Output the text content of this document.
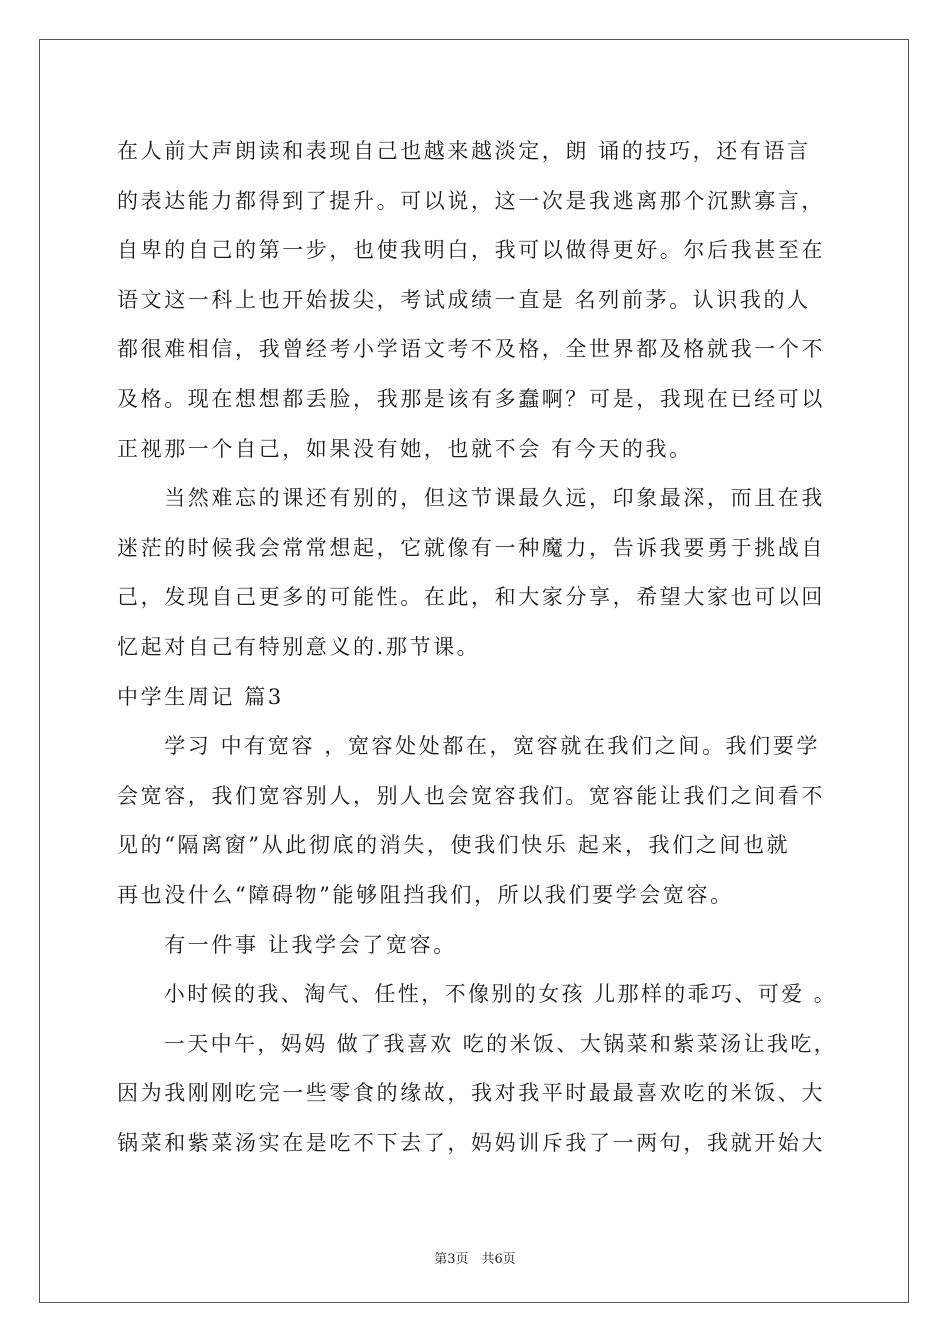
在人前大声朗读和表现自己也越来越淡定，朗 诵的技巧，还有语言
的表达能力都得到了提升。可以说，这一次是我逃离那个沉默寡言，
自卑的自己的第一步，也使我明白，我可以做得更好。尔后我甚至在
语文这一科上也开始拔尖，考试成绩一直是 名列前茅。认识我的人
都很难相信，我曾经考小学语文考不及格，全世界都及格就我一个不
及格。现在想想都丢脸，我那是该有多蠢啊？可是，我现在已经可以
正视那一个自己，如果没有她，也就不会 有今天的我。
　　当然难忘的课还有别的，但这节课最久远，印象最深，而且在我
迷茫的时候我会常常想起，它就像有一种魔力，告诉我要勇于挑战自
己，发现自己更多的可能性。在此，和大家分享，希望大家也可以回
忆起对自己有特别意义的.那节课。
中学生周记 篇3
　　学习 中有宽容 ，宽容处处都在，宽容就在我们之间。我们要学
会宽容，我们宽容别人，别人也会宽容我们。宽容能让我们之间看不
见的“隔离窗”从此彻底的消失，使我们快乐 起来，我们之间也就
再也没什么“障碍物”能够阻挡我们，所以我们要学会宽容。
　　有一件事 让我学会了宽容。
　　小时候的我、淘气、任性，不像别的女孩 儿那样的乖巧、可爱 。
　　一天中午，妈妈 做了我喜欢 吃的米饭、大锅菜和紫菜汤让我吃，
因为我刚刚吃完一些零食的缘故，我对我平时最最喜欢吃的米饭、大
锅菜和紫菜汤实在是吃不下去了，妈妈训斥我了一两句，我就开始大
第3页　共6页
